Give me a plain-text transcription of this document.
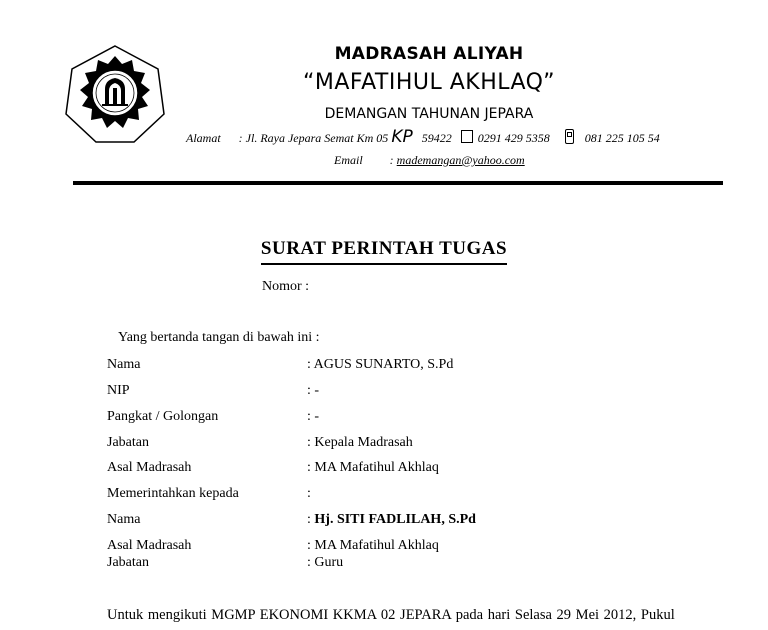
MADRASAH ALIYAH
“MAFATIHUL AKHLAQ”
DEMANGAN TAHUNAN JEPARA
Alamat : Jl. Raya Jepara Semat Km 05 KP 59422 0291 429 5358	081 225 105 54
Email : mademangan@yahoo.com
SURAT PERINTAH TUGAS
Nomor :
Yang bertanda tangan di bawah ini :
Nama	: AGUS SUNARTO, S.Pd
NIP	: -
Pangkat / Golongan	: -
Jabatan	: Kepala Madrasah
Asal Madrasah	: MA Mafatihul Akhlaq
Memerintahkan kepada	:
Nama	: Hj. SITI FADLILAH, S.Pd
Asal Madrasah	: MA Mafatihul Akhlaq
Jabatan	: Guru
Untuk mengikuti MGMP EKONOMI KKMA 02 JEPARA pada hari Selasa 29 Mei 2012, Pukul
